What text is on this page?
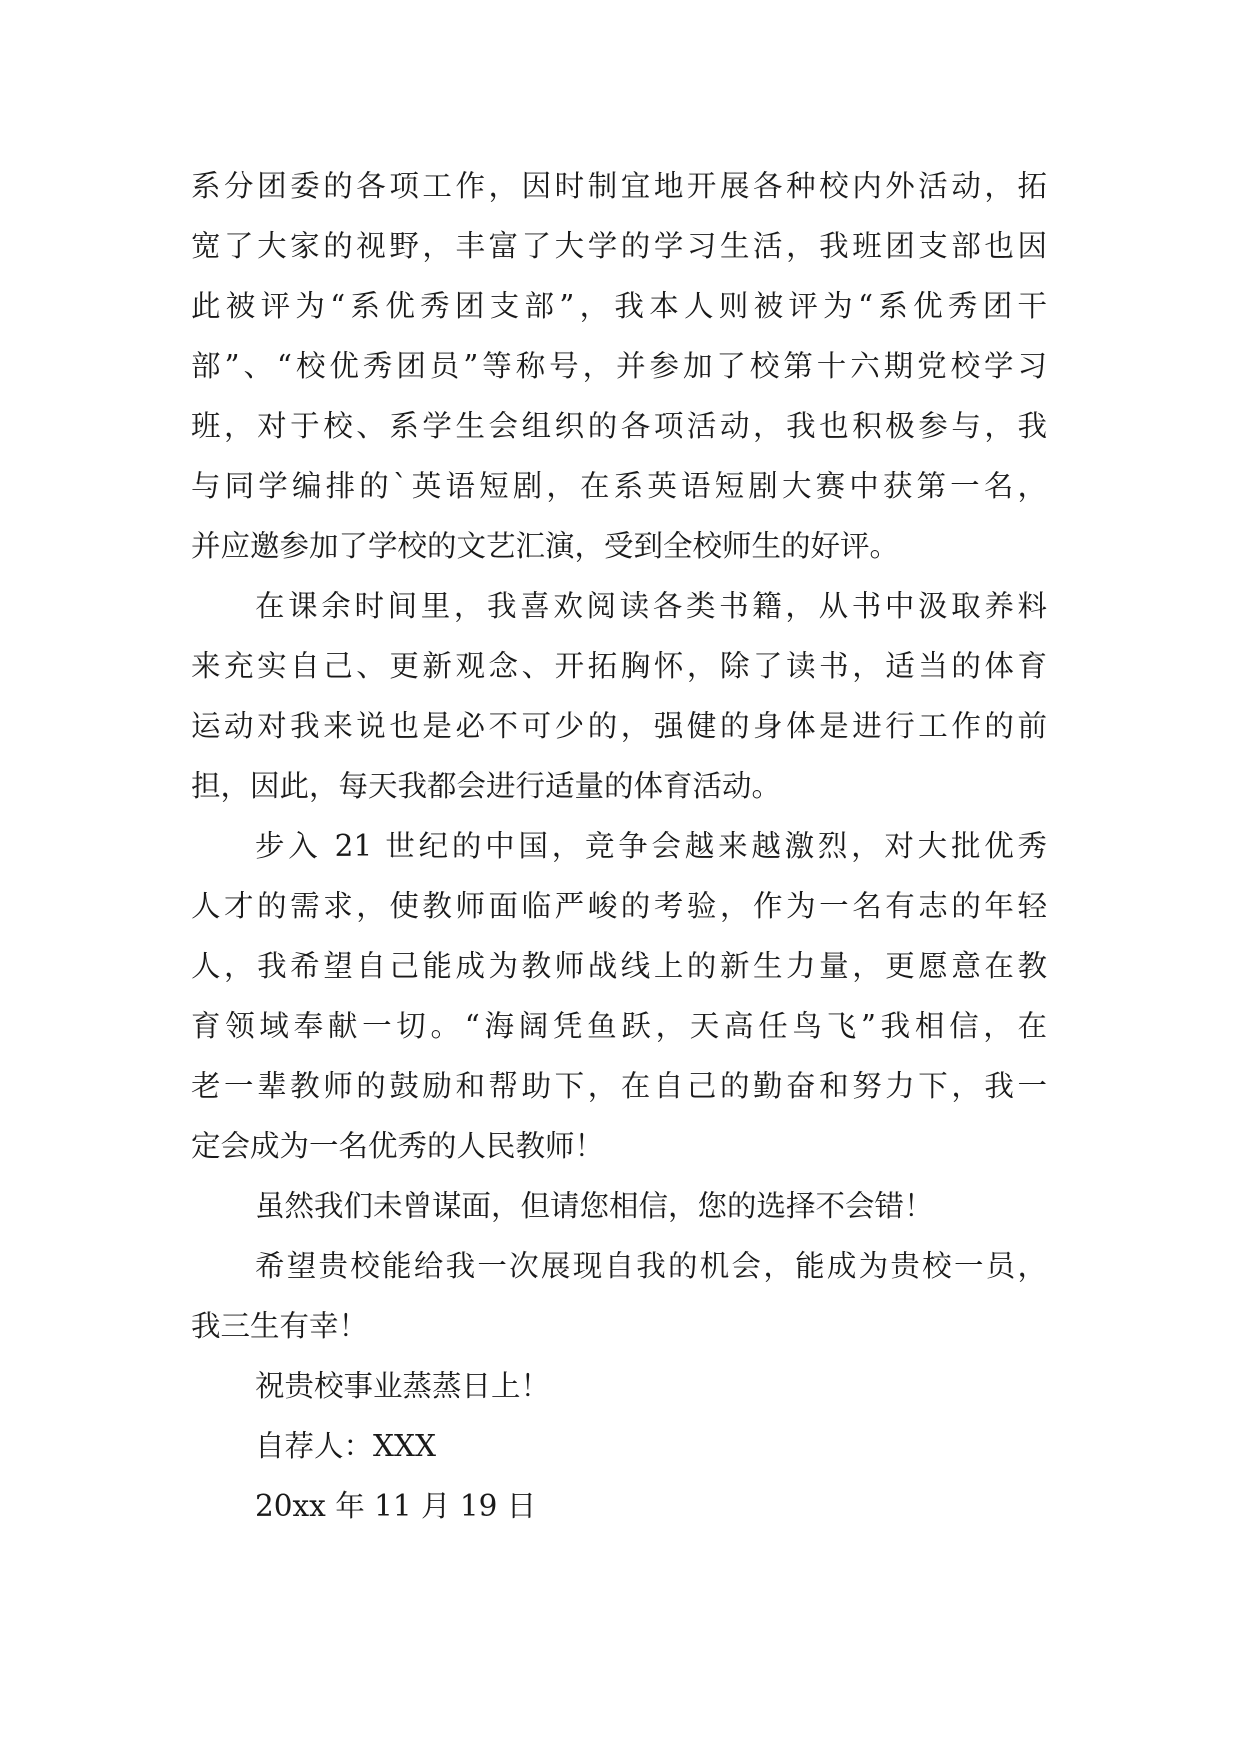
系分团委的各项工作，因时制宜地开展各种校内外活动，拓

宽了大家的视野，丰富了大学的学习生活，我班团支部也因

此被评为“系优秀团支部”，我本人则被评为“系优秀团干

部”、“校优秀团员”等称号，并参加了校第十六期党校学习

班，对于校、系学生会组织的各项活动，我也积极参与，我

与同学编排的`英语短剧，在系英语短剧大赛中获第一名，

并应邀参加了学校的文艺汇演，受到全校师生的好评。

在课余时间里，我喜欢阅读各类书籍，从书中汲取养料

来充实自己、更新观念、开拓胸怀，除了读书，适当的体育

运动对我来说也是必不可少的，强健的身体是进行工作的前

担，因此，每天我都会进行适量的体育活动。

步入 21 世纪的中国，竞争会越来越激烈，对大批优秀

人才的需求，使教师面临严峻的考验，作为一名有志的年轻

人，我希望自己能成为教师战线上的新生力量，更愿意在教

育领域奉献一切。“海阔凭鱼跃，天高任鸟飞”我相信，在

老一辈教师的鼓励和帮助下，在自己的勤奋和努力下，我一

定会成为一名优秀的人民教师！

虽然我们未曾谋面，但请您相信，您的选择不会错！

希望贵校能给我一次展现自我的机会，能成为贵校一员，

我三生有幸！

祝贵校事业蒸蒸日上！

自荐人：XXX

20xx 年 11 月 19 日
